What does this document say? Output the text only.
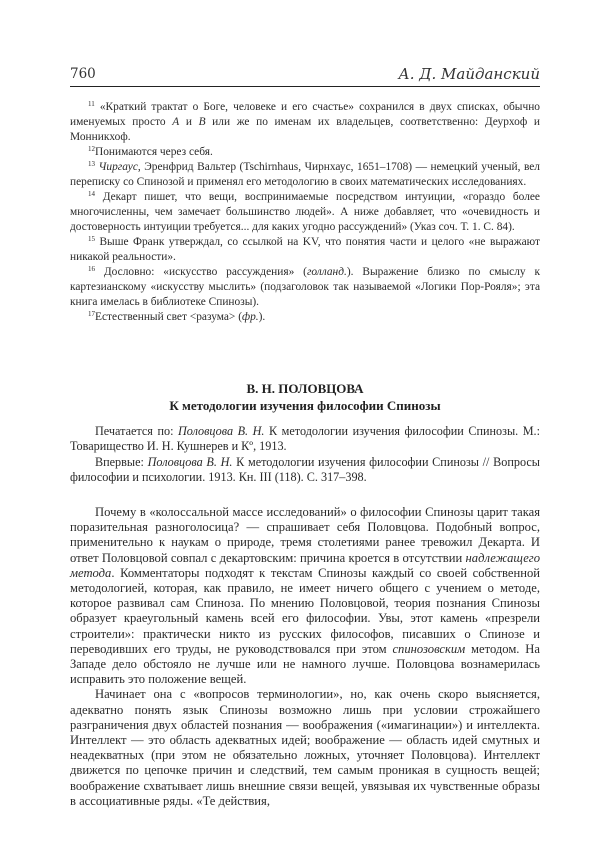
760	А. Д. Майданский

$^{11}$ «Краткий трактат о Боге, человеке и его счастье» сохранился в двух списках, обычно именуемых просто A и B или же по именам их владельцев, соответственно: Деурхоф и Монникхоф.

$^{12}$Понимаются через себя.

$^{13}$ Чиргаус, Эренфрид Вальтер (Tschirnhaus, Чирнхаус, 1651–1708) — немецкий ученый, вел переписку со Спинозой и применял его методологию в своих математических исследованиях.

$^{14}$ Декарт пишет, что вещи, воспринимаемые посредством интуиции, «гораздо более многочисленны, чем замечает большинство людей». А ниже добавляет, что «очевидность и достоверность интуиции требуется... для каких угодно рассуждений» (Указ соч. Т. 1. С. 84).

$^{15}$ Выше Франк утверждал, со ссылкой на KV, что понятия части и целого «не выражают никакой реальности».

$^{16}$ Дословно: «искусство рассуждения» (голланд.). Выражение близко по смыслу к картезианскому «искусству мыслить» (подзаголовок так называемой «Логики Пор-Рояля»; эта книга имелась в библиотеке Спинозы).

$^{17}$Естественный свет <разума> (фр.).

В. Н. ПОЛОВЦОВА
К методологии изучения философии Спинозы

Печатается по: Половцова В. Н. К методологии изучения философии Спинозы. М.: Товарищество И. Н. Кушнерев и Кº, 1913.

Впервые: Половцова В. Н. К методологии изучения философии Спинозы // Вопросы философии и психологии. 1913. Кн. III (118). С. 317–398.

Почему в «колоссальной массе исследований» о философии Спинозы царит такая поразительная разноголосица? — спрашивает себя Половцова. Подобный вопрос, применительно к наукам о природе, тремя столетиями ранее тревожил Декарта. И ответ Половцовой совпал с декартовским: причина кроется в отсутствии надлежащего метода. Комментаторы подходят к текстам Спинозы каждый со своей собственной методологией, которая, как правило, не имеет ничего общего с учением о методе, которое развивал сам Спиноза. По мнению Половцовой, теория познания Спинозы образует краеугольный камень всей его философии. Увы, этот камень «презрели строители»: практически никто из русских философов, писавших о Спинозе и переводивших его труды, не руководствовался при этом спинозовским методом. На Западе дело обстояло не лучше или не намного лучше. Половцова вознамерилась исправить это положение вещей.

Начинает она с «вопросов терминологии», но, как очень скоро выясняется, адекватно понять язык Спинозы возможно лишь при условии строжайшего разграничения двух областей познания — воображения («имагинации») и интеллекта. Интеллект — это область адекватных идей; воображение — область идей смутных и неадекватных (при этом не обязательно ложных, уточняет Половцова). Интеллект движется по цепочке причин и следствий, тем самым проникая в сущность вещей; воображение схватывает лишь внешние связи вещей, увязывая их чувственные образы в ассоциативные ряды. «Те действия,
